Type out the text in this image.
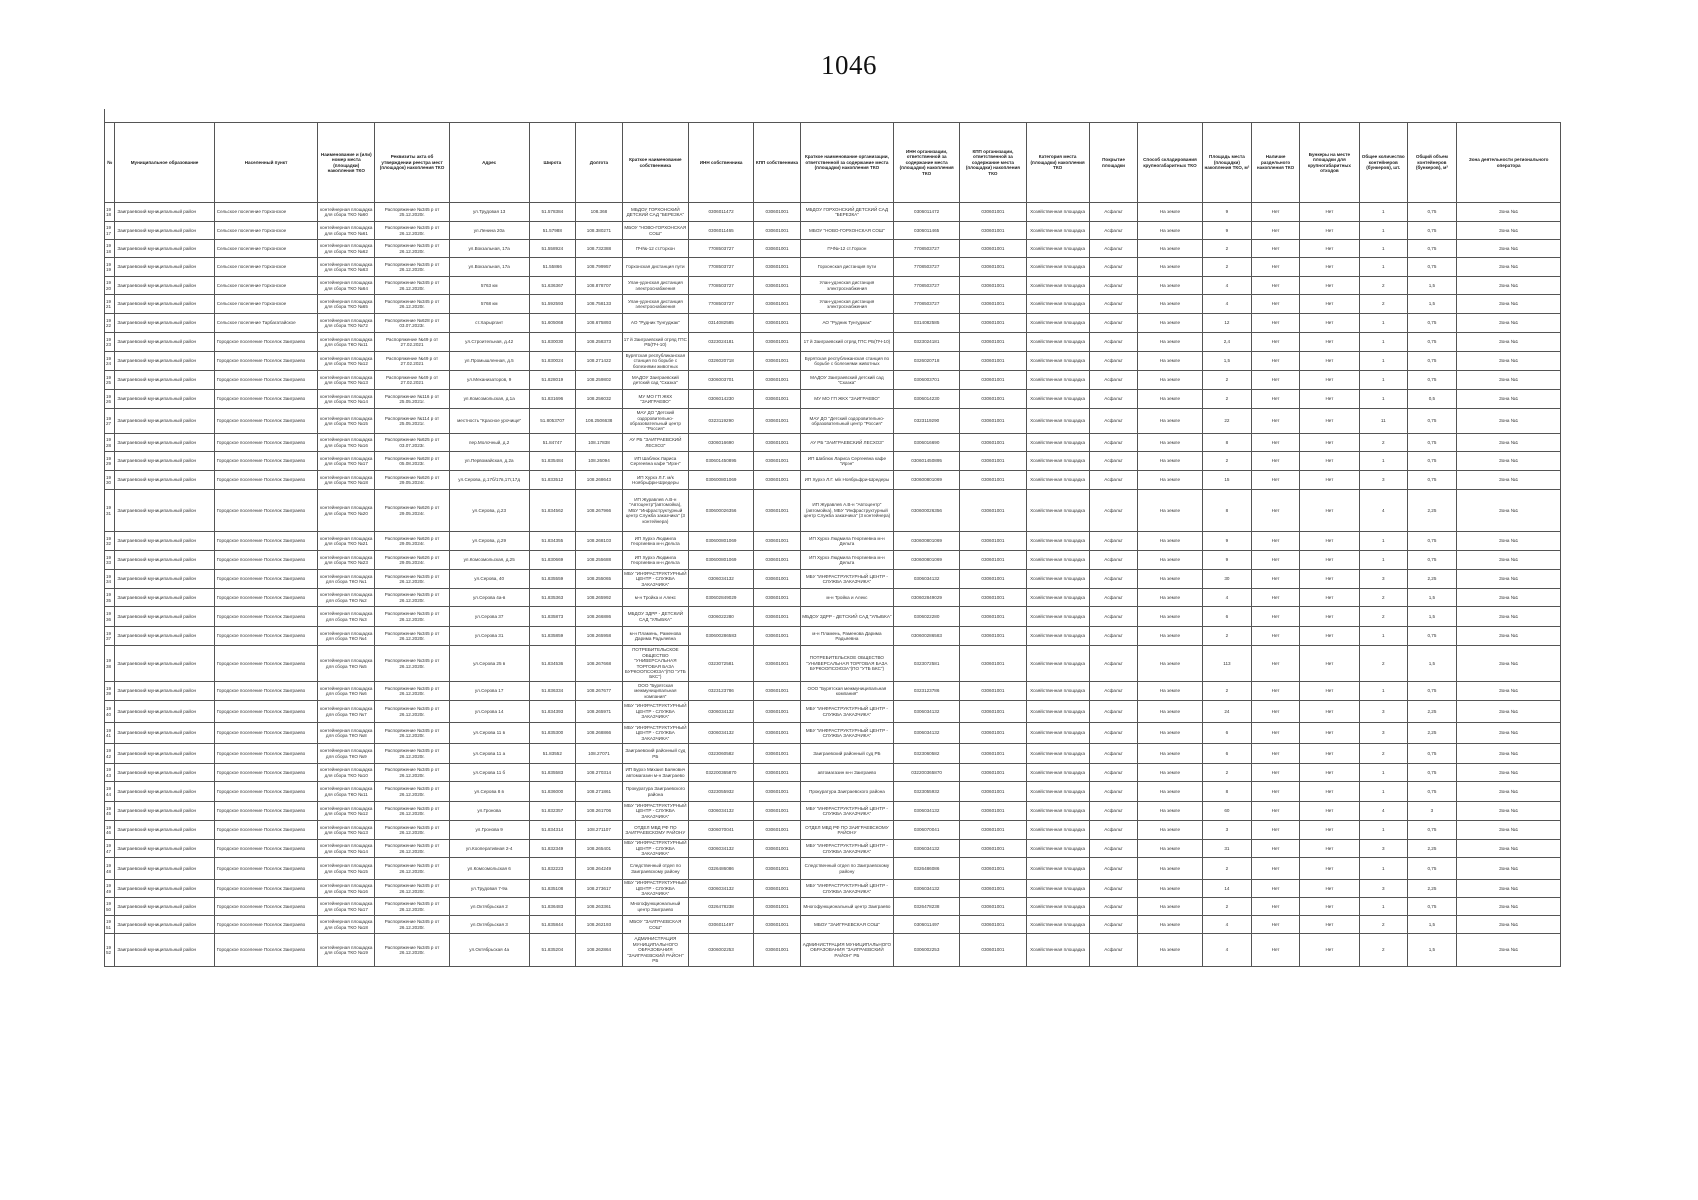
1046
№	Муниципальное образование	Населенный пункт	Наименование и (или) номер места (площадки) накопления ТКО	Реквизиты акта об утверждении реестра мест (площадок) накопления ТКО	Адрес	Широта	Долгота	Краткое наименование собственника	ИНН собственника	КПП собственника	Краткое наименование организации, ответственной за содержание места (площадки) накопления ТКО	ИНН организации, ответственной за содержание места (площадки) накопления ТКО	КПП организации, ответственной за содержание места (площадки) накопления ТКО	Категория места (площадки) накопления ТКО	Покрытие площадки	Способ складирования крупногабаритных ТКО	Площадь места (площадки) накопления ТКО, м²	Наличие раздельного накопления ТКО	Бункеры на месте площадки для крупногабаритных отходов	Общее количество контейнеров (бункеров), шт.	Общий объем контейнеров (бункеров), м³	Зона деятельности регионального оператора
1918	Заиграевский муниципальный район	Сельское поселение Горхонское	контейнерная площадка для сбора ТКО №60	Распоряжение №345 р от 25.12.2020г.	ул.Трудовая 13	51.578384	108.368	МБДОУ ГОРХОНСКИЙ ДЕТСКИЙ САД "БЕРЕЗКА"	0306011472	030601001	МБДОУ ГОРХОНСКИЙ ДЕТСКИЙ САД "БЕРЕЗКА"	0306011472	030601001	Хозяйственная площадка	Асфальт	На земле	9	Нет	Нет	1	0,75	Зона №1
1917	Заиграевский муниципальный район	Сельское поселение Горхонское	контейнерная площадка для сбора ТКО №61	Распоряжение №345 р от 26.12.2020г.	ул.Ленина 20а	51.57988	108.380271	МБОУ "НОВО-ГОРХОНСКАЯ СОШ"	0306011465	030601001	МБОУ "НОВО-ГОРХОНСКАЯ СОШ"	0306011465	030601001	Хозяйственная площадка	Асфальт	На земле	9	Нет	Нет	1	0,75	Зона №1
1918	Заиграевский муниципальный район	Сельское поселение Горхонское	контейнерная площадка для сбора ТКО №62	Распоряжение №345 р от 26.12.2020г.	ул.Вокзальная, 17а	51.558924	108.732388	ПЧ№-12 ст.Горхон	7708503727	030601001	ПЧ№-12 ст.Горхон	7708503727	030601001	Хозяйственная площадка	Асфальт	На земле	2	Нет	Нет	1	0,75	Зона №1
1919	Заиграевский муниципальный район	Сельское поселение Горхонское	контейнерная площадка для сбора ТКО №63	Распоряжение №345 р от 26.12.2020г.	ул.Вокзальная, 17а	51.55866	108.799957	Горхонская дистанция пути	7708503727	030601001	Горхонская дистанция пути	7708503727	030601001	Хозяйственная площадка	Асфальт	На земле	2	Нет	Нет	1	0,75	Зона №1
1920	Заиграевский муниципальный район	Сельское поселение Горхонское	контейнерная площадка для сбора ТКО №64	Распоряжение №345 р от 26.12.2020г.	5763 км	51.636367	108.878707	Улан-удэнская дистанция электроснабжения	7708503727	030601001	Улан-удэнская дистанция электроснабжения	7708503727	030601001	Хозяйственная площадка	Асфальт	На земле	4	Нет	Нет	2	1,5	Зона №1
1921	Заиграевский муниципальный район	Сельское поселение Горхонское	контейнерная площадка для сбора ТКО №65	Распоряжение №345 р от 26.12.2020г.	5768 км	51.592593	108.758133	Улан-удэнская дистанция электроснабжения	7708503727	030601001	Улан-удэнская дистанция электроснабжения	7708503727	030601001	Хозяйственная площадка	Асфальт	На земле	4	Нет	Нет	2	1,5	Зона №1
1922	Заиграевский муниципальный район	Сельское поселение Тарбагатайское	контейнерная площадка для сбора ТКО №72	Распоряжение №628 р от 03.07.2023г.	ст.Харыргант	51.605068	108.675893	АО "Рудник Тунгуджак"	0314082585	030601001	АО "Рудник Тунгуджак"	0314082585	030601001	Хозяйственная площадка	Асфальт	На земле	12	Нет	Нет	1	0,75	Зона №1
1923	Заиграевский муниципальный район	Городское поселение Поселок Заиграево	контейнерная площадка для сбора ТКО №11	Распоряжение №49 р от 27.02.2021	ул.Строительная, д.42	51.830030	108.258373	17 й Заиграевский отряд ГПС РБ(ПЧ-10)	0323024181	030601001	17 й Заиграевский отряд ГПС РБ(ПЧ-10)	0323024181	030601001	Хозяйственная площадка	Асфальт	На земле	2,4	Нет	Нет	1	0,75	Зона №1
1924	Заиграевский муниципальный район	Городское поселение Поселок Заиграево	контейнерная площадка для сбора ТКО №12	Распоряжение №49 р от 27.02.2021	ул.Промышленная, д.5	51.830024	108.271422	Бурятская республиканская станция по борьбе с болезнями животных	0326020718	030601001	Бурятская республиканская станция по борьбе с болезнями животных	0326020718	030601001	Хозяйственная площадка	Асфальт	На земле	1,5	Нет	Нет	1	0,75	Зона №1
1925	Заиграевский муниципальный район	Городское поселение Поселок Заиграево	контейнерная площадка для сбора ТКО №13	Распоряжение №49 р от 27.02.2021	ул.Механизаторов, 9	51.828019	108.259802	МАДОУ Заиграевский детский сад "Сказка"	0306003701	030601001	МАДОУ Заиграевский детский сад "Сказка"	0306003701	030601001	Хозяйственная площадка	Асфальт	На земле	2	Нет	Нет	1	0,75	Зона №1
1926	Заиграевский муниципальный район	Городское поселение Поселок Заиграево	контейнерная площадка для сбора ТКО №14	Распоряжение №116 р от 25.05.2021г.	ул.Комсомольская, д.1а	51.831696	108.256032	МУ МО ГП ЖКХ "ЗАИГРАЕВО"	0306014230	030601001	МУ МО ГП ЖКХ "ЗАИГРАЕВО"	0306014230	030601001	Хозяйственная площадка	Асфальт	На земле	2	Нет	Нет	1	0,5	Зона №1
1927	Заиграевский муниципальный район	Городское поселение Поселок Заиграево	контейнерная площадка для сбора ТКО №15	Распоряжение №114 р от 25.05.2021г.	местность "Красное урочище"	51.8053707	108.2506638	МАУ ДО "Детский оздоровительно-образовательный центр "Россия"	0323119290	030601001	МАУ ДО "Детский оздоровительно-образовательный центр "Россия"	0323119290	030601001	Хозяйственная площадка	Асфальт	На земле	22	Нет	Нет	11	0,75	Зона №1
1928	Заиграевский муниципальный район	Городское поселение Поселок Заиграево	контейнерная площадка для сбора ТКО №16	Распоряжение №625 р от 03.07.2023г.	пер.Молочный, д.2	51.84747	108.17838	АУ РБ "ЗАИГРАЕВСКИЙ ЛЕСХОЗ"	0306016690	030601001	АУ РБ "ЗАИГРАЕВСКИЙ ЛЕСХОЗ"	0306016690	030601001	Хозяйственная площадка	Асфальт	На земле	8	Нет	Нет	2	0,75	Зона №1
1929	Заиграевский муниципальный район	Городское поселение Поселок Заиграево	контейнерная площадка для сбора ТКО №17	Распоряжение №628 р от 05.08.2023г.	ул.Первомайская, д.2а	51.835484	108.26094	ИП Шаблюк Лариса Сергеевна кафе "Ирэн"	030601450895	030601001	ИП Шаблюк Лариса Сергеевна кафе "Ирэн"	030601450895	030601001	Хозяйственная площадка	Асфальт	На земле	2	Нет	Нет	1	0,75	Зона №1
1930	Заиграевский муниципальный район	Городское поселение Поселок Заиграево	контейнерная площадка для сбора ТКО №18	Распоряжение №626 р от 29.05.2024г.	ул.Серова, д.17б/17в,17г,17д	51.833512	108.268643	ИП Хурхэ Л.Г. м/к Ноябрьфри-Шредеры	030600801069	030601001	ИП Хурхэ Л.Г. м/к Ноябрьфри-Шредеры	030600801069	030601001	Хозяйственная площадка	Асфальт	На земле	15	Нет	Нет	3	0,75	Зона №1
1931	Заиграевский муниципальный район	Городское поселение Поселок Заиграево	контейнерная площадка для сбора ТКО №20	Распоряжение №626 р от 29.05.2024г.	ул.Серова, д.23	51.834562	108.267966	ИП Журавлев А.В-н "Автоцентр"(автомойка), МБУ "Инфраструктурный центр Служба заказчика" (3 контейнера)	030600026356	030601001	ИП Журавлев А.В-н "Автоцентр"(автомойка), МБУ "Инфраструктурный центр Служба заказчика" (3 контейнера)	030600026356	030601001	Хозяйственная площадка	Асфальт	На земле	8	Нет	Нет	4	2,25	Зона №1
1932	Заиграевский муниципальный район	Городское поселение Поселок Заиграево	контейнерная площадка для сбора ТКО №21	Распоряжение №626 р от 29.05.2024г.	ул.Серова, д.29	51.834355	108.268103	ИП Хурхэ Людмила Георгиевна м-н Дельта	030600801069	030601001	ИП Хурхэ Людмила Георгиевна м-н Дельта	030600801069	030601001	Хозяйственная площадка	Асфальт	На земле	9	Нет	Нет	1	0,75	Зона №1
1933	Заиграевский муниципальный район	Городское поселение Поселок Заиграево	контейнерная площадка для сбора ТКО №23	Распоряжение №626 р от 29.05.2024г.	ул.Комсомольская, д.25	51.830669	108.255688	ИП Хурхэ Людмила Георгиевна м-н Дельта	030600801069	030601001	ИП Хурхэ Людмила Георгиевна м-н Дельта	030600801069	030601001	Хозяйственная площадка	Асфальт	На земле	9	Нет	Нет	1	0,75	Зона №1
1934	Заиграевский муниципальный район	Городское поселение Поселок Заиграево	контейнерная площадка для сбора ТКО №1	Распоряжение №345 р от 26.12.2020г.	ул.Серова, 40	51.835559	108.255065	МБУ "ИНФРАСТРУКТУРНЫЙ ЦЕНТР - СЛУЖБА ЗАКАЗЧИКА"	0306034132	030601001	МБУ "ИНФРАСТРУКТУРНЫЙ ЦЕНТР - СЛУЖБА ЗАКАЗЧИКА"	0306034132	030601001	Хозяйственная площадка	Асфальт	На земле	30	Нет	Нет	3	2,25	Зона №1
1935	Заиграевский муниципальный район	Городское поселение Поселок Заиграево	контейнерная площадка для сбора ТКО №2	Распоряжение №345 р от 26.12.2020г.	ул.Серова 4а-в	51.835363	108.265992	м-н Тройка и Алекс	030602849029	030601001	м-н Тройка и Алекс	030602849029	030601001	Хозяйственная площадка	Асфальт	На земле	4	Нет	Нет	2	1,5	Зона №1
1936	Заиграевский муниципальный район	Городское поселение Поселок Заиграево	контейнерная площадка для сбора ТКО №3	Распоряжение №345 р от 26.12.2020г.	ул.Серова 37	51.835873	108.266886	МБДОУ ЗДРР - ДЕТСКИЙ САД "УЛЫБКА"	0306022280	030601001	МБДОУ ЗДРР - ДЕТСКИЙ САД "УЛЫБКА"	0306022280	030601001	Хозяйственная площадка	Асфальт	На земле	6	Нет	Нет	2	1,5	Зона №1
1937	Заиграевский муниципальный район	Городское поселение Поселок Заиграево	контейнерная площадка для сбора ТКО №4	Распоряжение №345 р от 26.12.2020г.	ул.Серова 31	51.835859	108.265958	м-н Пламень, Раменова Дарима Радьяевна	030600286583	030601001	м-н Пламень, Раменова Дарима Радьяевна	030600286583	030601001	Хозяйственная площадка	Асфальт	На земле	2	Нет	Нет	1	0,75	Зона №1
1938	Заиграевский муниципальный район	Городское поселение Поселок Заиграево	контейнерная площадка для сбора ТКО №5	Распоряжение №345 р от 26.12.2020г.	ул.Серова 25 в	51.834536	108.267668	ПОТРЕБИТЕЛЬСКОЕ ОБЩЕСТВО "УНИВЕРСАЛЬНАЯ ТОРГОВАЯ БАЗА БУРКООПСОЮЗА"(ПО "УТБ БКС")	0323072581	030601001	ПОТРЕБИТЕЛЬСКОЕ ОБЩЕСТВО "УНИВЕРСАЛЬНАЯ ТОРГОВАЯ БАЗА БУРКООПСОЮЗА"(ПО "УТБ БКС")	0323072581	030601001	Хозяйственная площадка	Асфальт	На земле	113	Нет	Нет	2	1,5	Зона №1
1939	Заиграевский муниципальный район	Городское поселение Поселок Заиграево	контейнерная площадка для сбора ТКО №6	Распоряжение №345 р от 26.12.2020г.	ул.Серова 17	51.836334	108.267677	ООО "Бурятская межмуниципальная компания"	0323123786	030601001	ООО "Бурятская межмуниципальная компания"	0323123786	030601001	Хозяйственная площадка	Асфальт	На земле	2	Нет	Нет	1	0,75	Зона №1
1940	Заиграевский муниципальный район	Городское поселение Поселок Заиграево	контейнерная площадка для сбора ТКО №7	Распоряжение №345 р от 26.12.2020г.	ул.Серова 14	51.834393	108.265971	МБУ "ИНФРАСТРУКТУРНЫЙ ЦЕНТР - СЛУЖБА ЗАКАЗЧИКА"	0306034132	030601001	МБУ "ИНФРАСТРУКТУРНЫЙ ЦЕНТР - СЛУЖБА ЗАКАЗЧИКА"	0306034132	030601001	Хозяйственная площадка	Асфальт	На земле	24	Нет	Нет	3	2,25	Зона №1
1941	Заиграевский муниципальный район	Городское поселение Поселок Заиграево	контейнерная площадка для сбора ТКО №8	Распоряжение №345 р от 26.12.2020г.	ул.Серова 11 в	51.835300	108.268866	МБУ "ИНФРАСТРУКТУРНЫЙ ЦЕНТР - СЛУЖБА ЗАКАЗЧИКА"	0306034132	030601001	МБУ "ИНФРАСТРУКТУРНЫЙ ЦЕНТР - СЛУЖБА ЗАКАЗЧИКА"	0306034132	030601001	Хозяйственная площадка	Асфальт	На земле	6	Нет	Нет	3	2,25	Зона №1
1942	Заиграевский муниципальный район	Городское поселение Поселок Заиграево	контейнерная площадка для сбора ТКО №9	Распоряжение №345 р от 26.12.2020г.	ул.Серова 11 а	51.83552	108.27071	Заиграевский районный суд РБ	0323060582	030601001	Заиграевский районный суд РБ	0323060582	030601001	Хозяйственная площадка	Асфальт	На земле	6	Нет	Нет	2	0,75	Зона №1
1943	Заиграевский муниципальный район	Городское поселение Поселок Заиграево	контейнерная площадка для сбора ТКО №10	Распоряжение №345 р от 26.12.2020г.	ул.Серова 11 б	51.835583	108.270314	ИП Бурхэ Михаил Баянович автомагазин м-н Заиграево	032200365870	030601001	автомагазин м-н Заиграево	032200365870	030601001	Хозяйственная площадка	Асфальт	На земле	2	Нет	Нет	1	0,75	Зона №1
1944	Заиграевский муниципальный район	Городское поселение Поселок Заиграево	контейнерная площадка для сбора ТКО №11	Распоряжение №345 р от 26.12.2020г.	ул.Серова 8 в	51.836000	108.271861	Прокуратура Заиграевского района	0323055932	030601001	Прокуратура Заиграевского района	0323055932	030601001	Хозяйственная площадка	Асфальт	На земле	8	Нет	Нет	1	0,75	Зона №1
1945	Заиграевский муниципальный район	Городское поселение Поселок Заиграево	контейнерная площадка для сбора ТКО №12	Распоряжение №345 р от 26.12.2020г.	ул.Гронова	51.832357	108.261706	МБУ "ИНФРАСТРУКТУРНЫЙ ЦЕНТР - СЛУЖБА ЗАКАЗЧИКА"	0306034132	030601001	МБУ "ИНФРАСТРУКТУРНЫЙ ЦЕНТР - СЛУЖБА ЗАКАЗЧИКА"	0306034132	030601001	Хозяйственная площадка	Асфальт	На земле	60	Нет	Нет	4	3	Зона №1
1946	Заиграевский муниципальный район	Городское поселение Поселок Заиграево	контейнерная площадка для сбора ТКО №13	Распоряжение №345 р от 26.12.2020г.	ул.Гронова 9	51.834314	108.271107	ОТДЕЛ МВД РФ ПО ЗАИГРАЕВСКОМУ РАЙОНУ	0306070041	030601001	ОТДЕЛ МВД РФ ПО ЗАИГРАЕВСКОМУ РАЙОНУ	0306070041	030601001	Хозяйственная площадка	Асфальт	На земле	3	Нет	Нет	1	0,75	Зона №1
1947	Заиграевский муниципальный район	Городское поселение Поселок Заиграево	контейнерная площадка для сбора ТКО №14	Распоряжение №345 р от 26.12.2020г.	ул.Кооперативная 2-4	51.832349	108.265401	МБУ "ИНФРАСТРУКТУРНЫЙ ЦЕНТР - СЛУЖБА ЗАКАЗЧИКА"	0306034132	030601001	МБУ "ИНФРАСТРУКТУРНЫЙ ЦЕНТР - СЛУЖБА ЗАКАЗЧИКА"	0306034132	030601001	Хозяйственная площадка	Асфальт	На земле	31	Нет	Нет	3	2,25	Зона №1
1948	Заиграевский муниципальный район	Городское поселение Поселок Заиграево	контейнерная площадка для сбора ТКО №15	Распоряжение №345 р от 26.12.2020г.	ул.Комсомольская 6	51.832223	108.264249	Следственный отдел по Заиграевскому району	0326486086	030601001	Следственный отдел по Заиграевскому району	0326486086	030601001	Хозяйственная площадка	Асфальт	На земле	2	Нет	Нет	1	0,75	Зона №1
1949	Заиграевский муниципальный район	Городское поселение Поселок Заиграево	контейнерная площадка для сбора ТКО №16	Распоряжение №345 р от 26.12.2020г.	ул.Трудовая 7-9а	51.835108	108.273617	МБУ "ИНФРАСТРУКТУРНЫЙ ЦЕНТР - СЛУЖБА ЗАКАЗЧИКА"	0306034132	030601001	МБУ "ИНФРАСТРУКТУРНЫЙ ЦЕНТР - СЛУЖБА ЗАКАЗЧИКА"	0306034132	030601001	Хозяйственная площадка	Асфальт	На земле	14	Нет	Нет	3	2,25	Зона №1
1950	Заиграевский муниципальный район	Городское поселение Поселок Заиграево	контейнерная площадка для сбора ТКО №17	Распоряжение №345 р от 26.12.2020г.	ул.Октябрьская 2	51.836483	108.263361	Многофункциональный центр Заиграево	0326478238	030601001	Многофункциональный центр Заиграево	0326478238	030601001	Хозяйственная площадка	Асфальт	На земле	2	Нет	Нет	1	0,75	Зона №1
1951	Заиграевский муниципальный район	Городское поселение Поселок Заиграево	контейнерная площадка для сбора ТКО №18	Распоряжение №345 р от 26.12.2020г.	ул.Октябрьская 3	51.835844	108.262193	МБОУ "ЗАИГРАЕВСКАЯ СОШ"	0306011497	030601001	МБОУ "ЗАИГРАЕВСКАЯ СОШ"	0306011497	030601001	Хозяйственная площадка	Асфальт	На земле	4	Нет	Нет	2	1,5	Зона №1
1952	Заиграевский муниципальный район	Городское поселение Поселок Заиграево	контейнерная площадка для сбора ТКО №19	Распоряжение №345 р от 26.12.2020г.	ул.Октябрьская 4а	51.835204	108.262864	АДМИНИСТРАЦИЯ МУНИЦИПАЛЬНОГО ОБРАЗОВАНИЯ "ЗАИГРАЕВСКИЙ РАЙОН" РБ	0306002253	030601001	АДМИНИСТРАЦИЯ МУНИЦИПАЛЬНОГО ОБРАЗОВАНИЯ "ЗАИГРАЕВСКИЙ РАЙОН" РБ	0306002253	030601001	Хозяйственная площадка	Асфальт	На земле	4	Нет	Нет	2	1,5	Зона №1
